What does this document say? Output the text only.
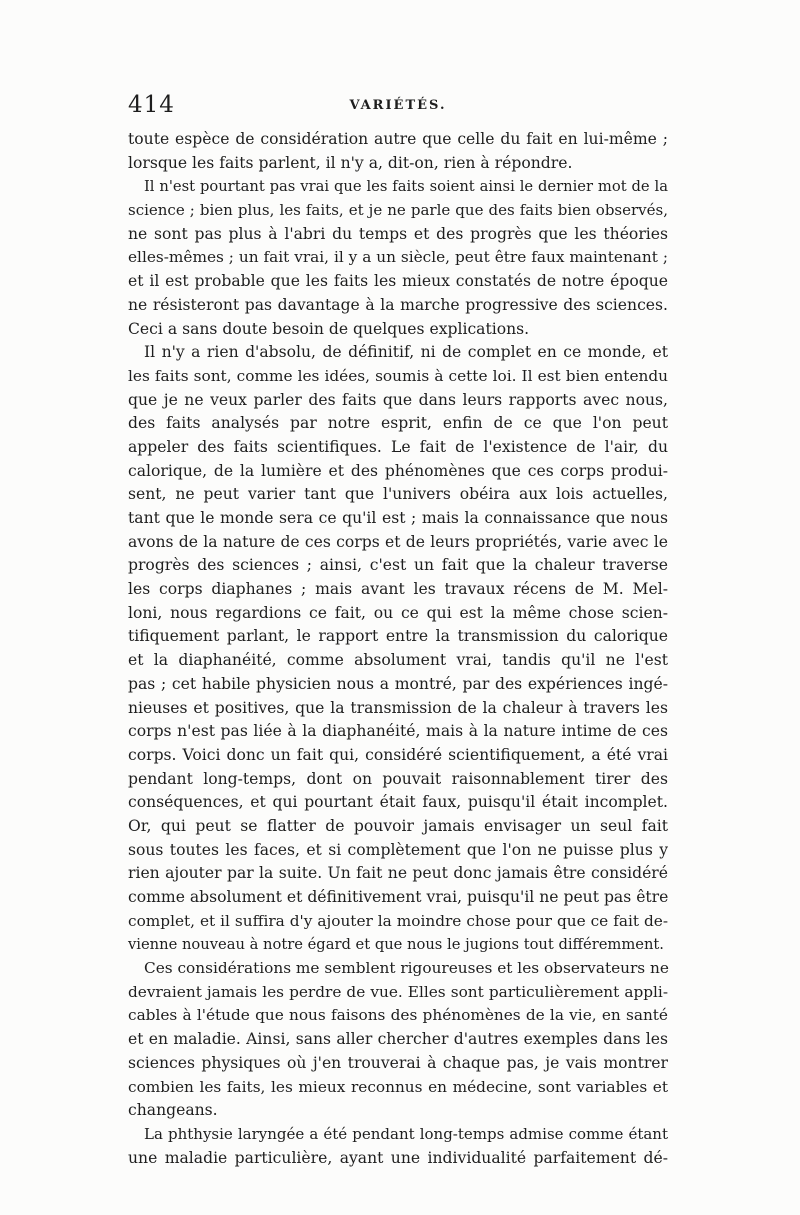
414	VARIÉTÉS.
toute espèce de considération autre que celle du fait en lui-même ;
lorsque les faits parlent, il n'y a, dit-on, rien à répondre.
Il n'est pourtant pas vrai que les faits soient ainsi le dernier mot de la
science ; bien plus, les faits, et je ne parle que des faits bien observés,
ne sont pas plus à l'abri du temps et des progrès que les théories
elles-mêmes ; un fait vrai, il y a un siècle, peut être faux maintenant ;
et il est probable que les faits les mieux constatés de notre époque
ne résisteront pas davantage à la marche progressive des sciences.
Ceci a sans doute besoin de quelques explications.
Il n'y a rien d'absolu, de définitif, ni de complet en ce monde, et
les faits sont, comme les idées, soumis à cette loi. Il est bien entendu
que je ne veux parler des faits que dans leurs rapports avec nous,
des faits analysés par notre esprit, enfin de ce que l'on peut
appeler des faits scientifiques. Le fait de l'existence de l'air, du
calorique, de la lumière et des phénomènes que ces corps produi-
sent, ne peut varier tant que l'univers obéira aux lois actuelles,
tant que le monde sera ce qu'il est ; mais la connaissance que nous
avons de la nature de ces corps et de leurs propriétés, varie avec le
progrès des sciences ; ainsi, c'est un fait que la chaleur traverse
les corps diaphanes ; mais avant les travaux récens de M. Mel-
loni, nous regardions ce fait, ou ce qui est la même chose scien-
tifiquement parlant, le rapport entre la transmission du calorique
et la diaphanéité, comme absolument vrai, tandis qu'il ne l'est
pas ; cet habile physicien nous a montré, par des expériences ingé-
nieuses et positives, que la transmission de la chaleur à travers les
corps n'est pas liée à la diaphanéité, mais à la nature intime de ces
corps. Voici donc un fait qui, considéré scientifiquement, a été vrai
pendant long-temps, dont on pouvait raisonnablement tirer des
conséquences, et qui pourtant était faux, puisqu'il était incomplet.
Or, qui peut se flatter de pouvoir jamais envisager un seul fait
sous toutes les faces, et si complètement que l'on ne puisse plus y
rien ajouter par la suite. Un fait ne peut donc jamais être considéré
comme absolument et définitivement vrai, puisqu'il ne peut pas être
complet, et il suffira d'y ajouter la moindre chose pour que ce fait de-
vienne nouveau à notre égard et que nous le jugions tout différemment.
Ces considérations me semblent rigoureuses et les observateurs ne
devraient jamais les perdre de vue. Elles sont particulièrement appli-
cables à l'étude que nous faisons des phénomènes de la vie, en santé
et en maladie. Ainsi, sans aller chercher d'autres exemples dans les
sciences physiques où j'en trouverai à chaque pas, je vais montrer
combien les faits, les mieux reconnus en médecine, sont variables et
changeans.
La phthysie laryngée a été pendant long-temps admise comme étant
une maladie particulière, ayant une individualité parfaitement dé-
